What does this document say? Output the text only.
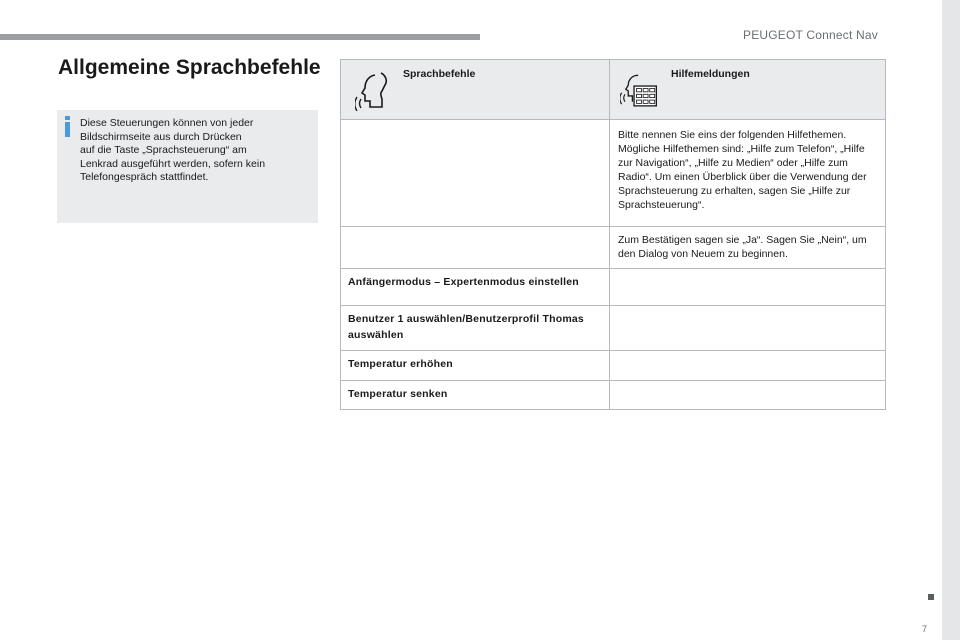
PEUGEOT Connect Nav
Allgemeine Sprachbefehle
Diese Steuerungen können von jeder
Bildschirmseite aus durch Drücken
auf die Taste „Sprachsteuerung“ am
Lenkrad ausgeführt werden, sofern kein
Telefongespräch stattfindet.
Sprachbefehle	Hilfemeldungen

	Bitte nennen Sie eins der folgenden Hilfethemen. Mögliche Hilfethemen sind: „Hilfe zum Telefon“, „Hilfe zur Navigation“, „Hilfe zu Medien“ oder „Hilfe zum Radio“. Um einen Überblick über die Verwendung der Sprachsteuerung zu erhalten, sagen Sie „Hilfe zur Sprachsteuerung“.

	Zum Bestätigen sagen sie „Ja“. Sagen Sie „Nein“, um den Dialog von Neuem zu beginnen.

Anfängermodus – Expertenmodus einstellen	

Benutzer 1 auswählen/Benutzerprofil Thomas auswählen	

Temperatur erhöhen	

Temperatur senken	

7
